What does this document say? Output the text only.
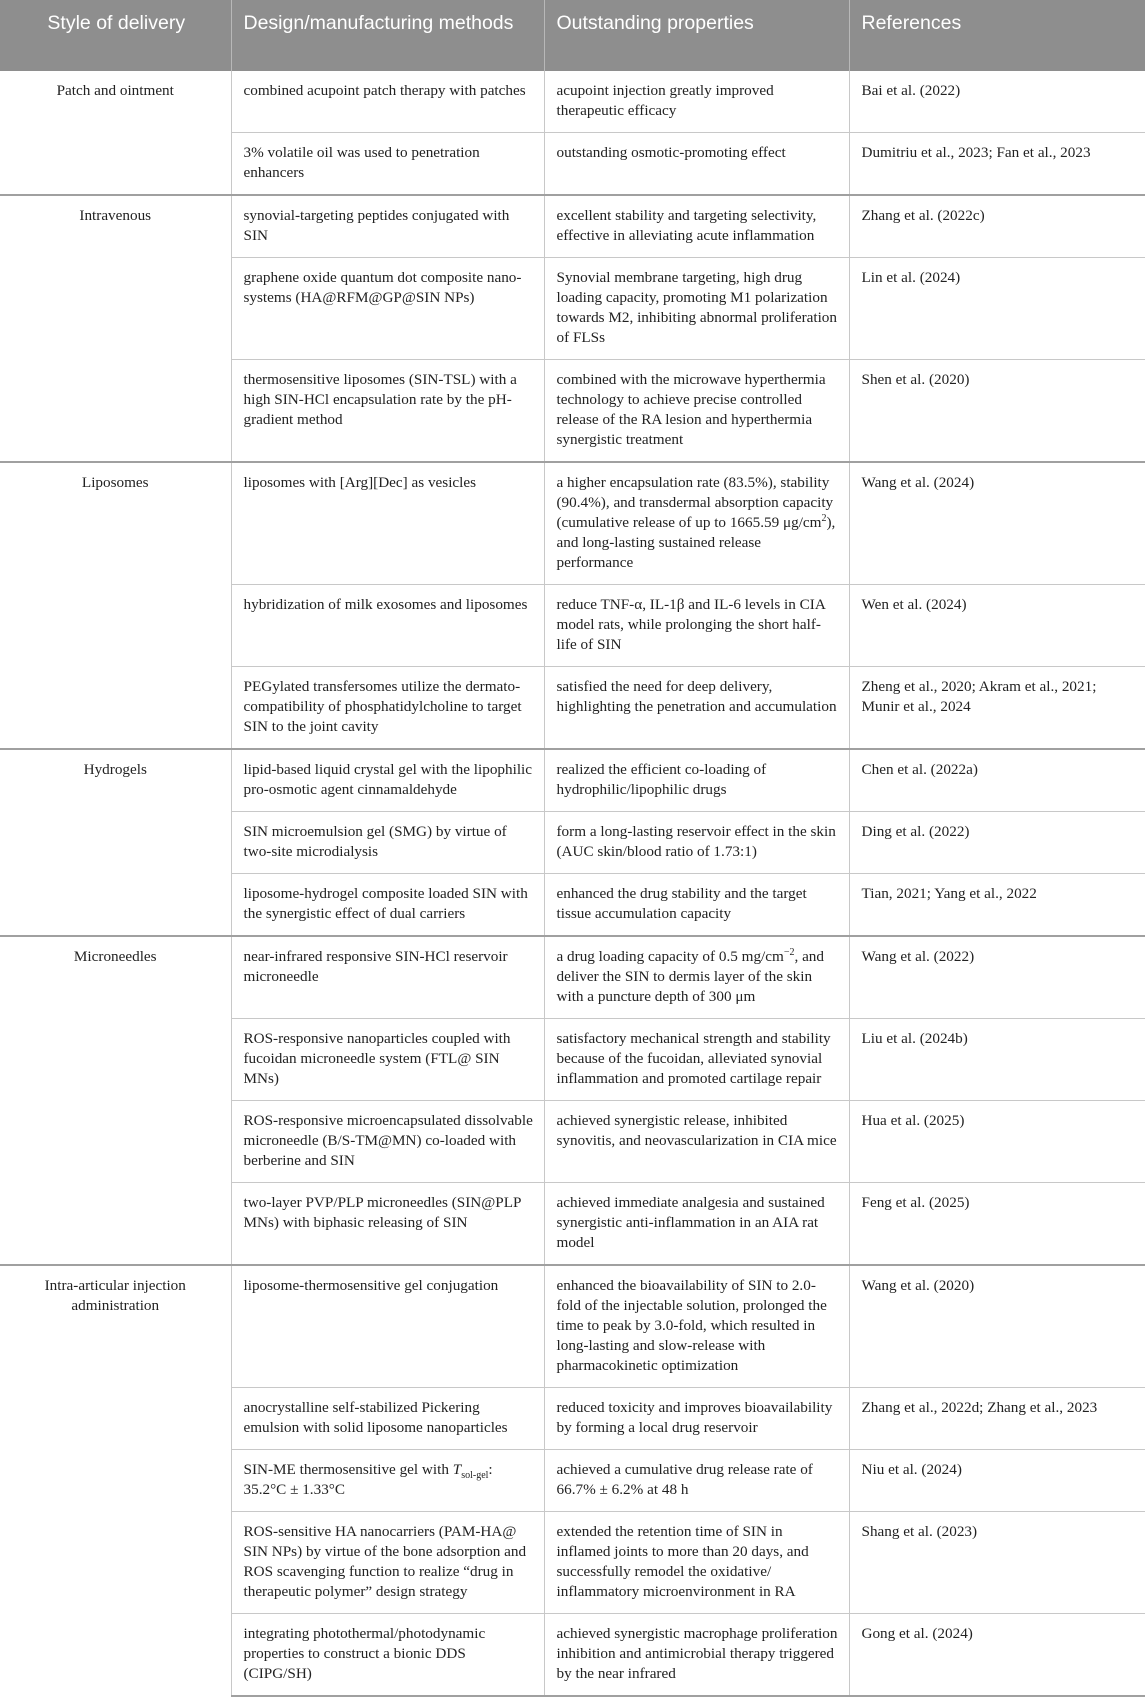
Style of delivery	Design/manufacturing methods	Outstanding properties	References
Patch and ointment	combined acupoint patch therapy with patches	acupoint injection greatly improved therapeutic efficacy	Bai et al. (2022)
	3% volatile oil was used to penetration enhancers	outstanding osmotic-promoting effect	Dumitriu et al., 2023; Fan et al., 2023
Intravenous	synovial-targeting peptides conjugated with SIN	excellent stability and targeting selectivity, effective in alleviating acute inflammation	Zhang et al. (2022c)
	graphene oxide quantum dot composite nano-systems (HA@RFM@GP@SIN NPs)	Synovial membrane targeting, high drug loading capacity, promoting M1 polarization towards M2, inhibiting abnormal proliferation of FLSs	Lin et al. (2024)
	thermosensitive liposomes (SIN-TSL) with a high SIN-HCl encapsulation rate by the pH-gradient method	combined with the microwave hyperthermia technology to achieve precise controlled release of the RA lesion and hyperthermia synergistic treatment	Shen et al. (2020)
Liposomes	liposomes with [Arg][Dec] as vesicles	a higher encapsulation rate (83.5%), stability (90.4%), and transdermal absorption capacity (cumulative release of up to 1665.59 $\mu g/cm^2$), and long-lasting sustained release performance	Wang et al. (2024)
	hybridization of milk exosomes and liposomes	reduce TNF-α, IL-1β and IL-6 levels in CIA model rats, while prolonging the short half-life of SIN	Wen et al. (2024)
	PEGylated transfersomes utilize the dermato-compatibility of phosphatidylcholine to target SIN to the joint cavity	satisfied the need for deep delivery, highlighting the penetration and accumulation	Zheng et al., 2020; Akram et al., 2021; Munir et al., 2024
Hydrogels	lipid-based liquid crystal gel with the lipophilic pro-osmotic agent cinnamaldehyde	realized the efficient co-loading of hydrophilic/lipophilic drugs	Chen et al. (2022a)
	SIN microemulsion gel (SMG) by virtue of two-site microdialysis	form a long-lasting reservoir effect in the skin (AUC skin/blood ratio of 1.73:1)	Ding et al. (2022)
	liposome-hydrogel composite loaded SIN with the synergistic effect of dual carriers	enhanced the drug stability and the target tissue accumulation capacity	Tian, 2021; Yang et al., 2022
Microneedles	near-infrared responsive SIN-HCl reservoir microneedle	a drug loading capacity of 0.5 $mg/cm^{-2}$, and deliver the SIN to dermis layer of the skin with a puncture depth of 300 μm	Wang et al. (2022)
	ROS-responsive nanoparticles coupled with fucoidan microneedle system (FTL@ SIN MNs)	satisfactory mechanical strength and stability because of the fucoidan, alleviated synovial inflammation and promoted cartilage repair	Liu et al. (2024b)
	ROS-responsive microencapsulated dissolvable microneedle (B/S-TM@MN) co-loaded with berberine and SIN	achieved synergistic release, inhibited synovitis, and neovascularization in CIA mice	Hua et al. (2025)
	two-layer PVP/PLP microneedles (SIN@PLP MNs) with biphasic releasing of SIN	achieved immediate analgesia and sustained synergistic anti-inflammation in an AIA rat model	Feng et al. (2025)
Intra-articular injection administration	liposome-thermosensitive gel conjugation	enhanced the bioavailability of SIN to 2.0-fold of the injectable solution, prolonged the time to peak by 3.0-fold, which resulted in long-lasting and slow-release with pharmacokinetic optimization	Wang et al. (2020)
	anocrystalline self-stabilized Pickering emulsion with solid liposome nanoparticles	reduced toxicity and improves bioavailability by forming a local drug reservoir	Zhang et al., 2022d; Zhang et al., 2023
	SIN-ME thermosensitive gel with $T_{sol-gel}$: 35.2°C ± 1.33°C	achieved a cumulative drug release rate of 66.7% ± 6.2% at 48 h	Niu et al. (2024)
	ROS-sensitive HA nanocarriers (PAM-HA@ SIN NPs) by virtue of the bone adsorption and ROS scavenging function to realize “drug in therapeutic polymer” design strategy	extended the retention time of SIN in inflamed joints to more than 20 days, and successfully remodel the oxidative/ inflammatory microenvironment in RA	Shang et al. (2023)
	integrating photothermal/photodynamic properties to construct a bionic DDS (CIPG/SH)	achieved synergistic macrophage proliferation inhibition and antimicrobial therapy triggered by the near infrared	Gong et al. (2024)
